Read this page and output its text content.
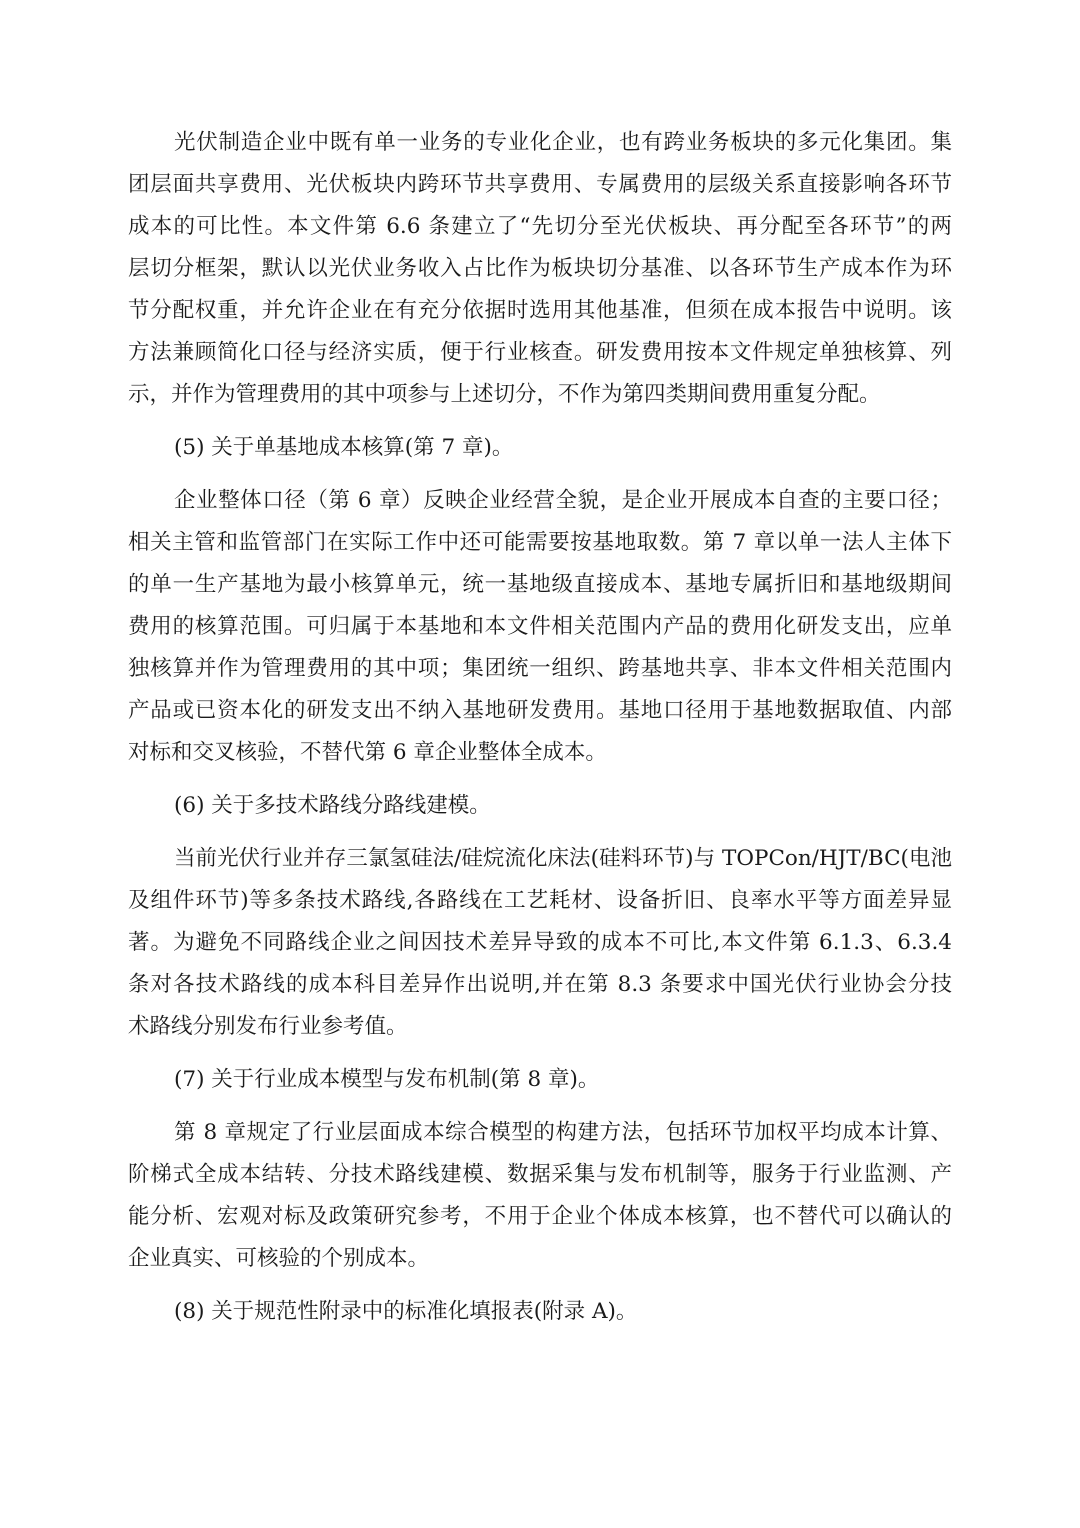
光伏制造企业中既有单一业务的专业化企业，也有跨业务板块的多元化集团。集
团层面共享费用、光伏板块内跨环节共享费用、专属费用的层级关系直接影响各环节
成本的可比性。本文件第 6.6 条建立了“先切分至光伏板块、再分配至各环节”的两
层切分框架，默认以光伏业务收入占比作为板块切分基准、以各环节生产成本作为环
节分配权重，并允许企业在有充分依据时选用其他基准，但须在成本报告中说明。该
方法兼顾简化口径与经济实质，便于行业核查。研发费用按本文件规定单独核算、列
示，并作为管理费用的其中项参与上述切分，不作为第四类期间费用重复分配。
(5) 关于单基地成本核算(第 7 章)。
企业整体口径（第 6 章）反映企业经营全貌，是企业开展成本自查的主要口径；
相关主管和监管部门在实际工作中还可能需要按基地取数。第 7 章以单一法人主体下
的单一生产基地为最小核算单元，统一基地级直接成本、基地专属折旧和基地级期间
费用的核算范围。可归属于本基地和本文件相关范围内产品的费用化研发支出，应单
独核算并作为管理费用的其中项；集团统一组织、跨基地共享、非本文件相关范围内
产品或已资本化的研发支出不纳入基地研发费用。基地口径用于基地数据取值、内部
对标和交叉核验，不替代第 6 章企业整体全成本。
(6) 关于多技术路线分路线建模。
当前光伏行业并存三氯氢硅法/硅烷流化床法(硅料环节)与 TOPCon/HJT/BC(电池
及组件环节)等多条技术路线,各路线在工艺耗材、设备折旧、良率水平等方面差异显
著。为避免不同路线企业之间因技术差异导致的成本不可比,本文件第 6.1.3、6.3.4
条对各技术路线的成本科目差异作出说明,并在第 8.3 条要求中国光伏行业协会分技
术路线分别发布行业参考值。
(7) 关于行业成本模型与发布机制(第 8 章)。
第 8 章规定了行业层面成本综合模型的构建方法，包括环节加权平均成本计算、
阶梯式全成本结转、分技术路线建模、数据采集与发布机制等，服务于行业监测、产
能分析、宏观对标及政策研究参考，不用于企业个体成本核算，也不替代可以确认的
企业真实、可核验的个别成本。
(8) 关于规范性附录中的标准化填报表(附录 A)。
